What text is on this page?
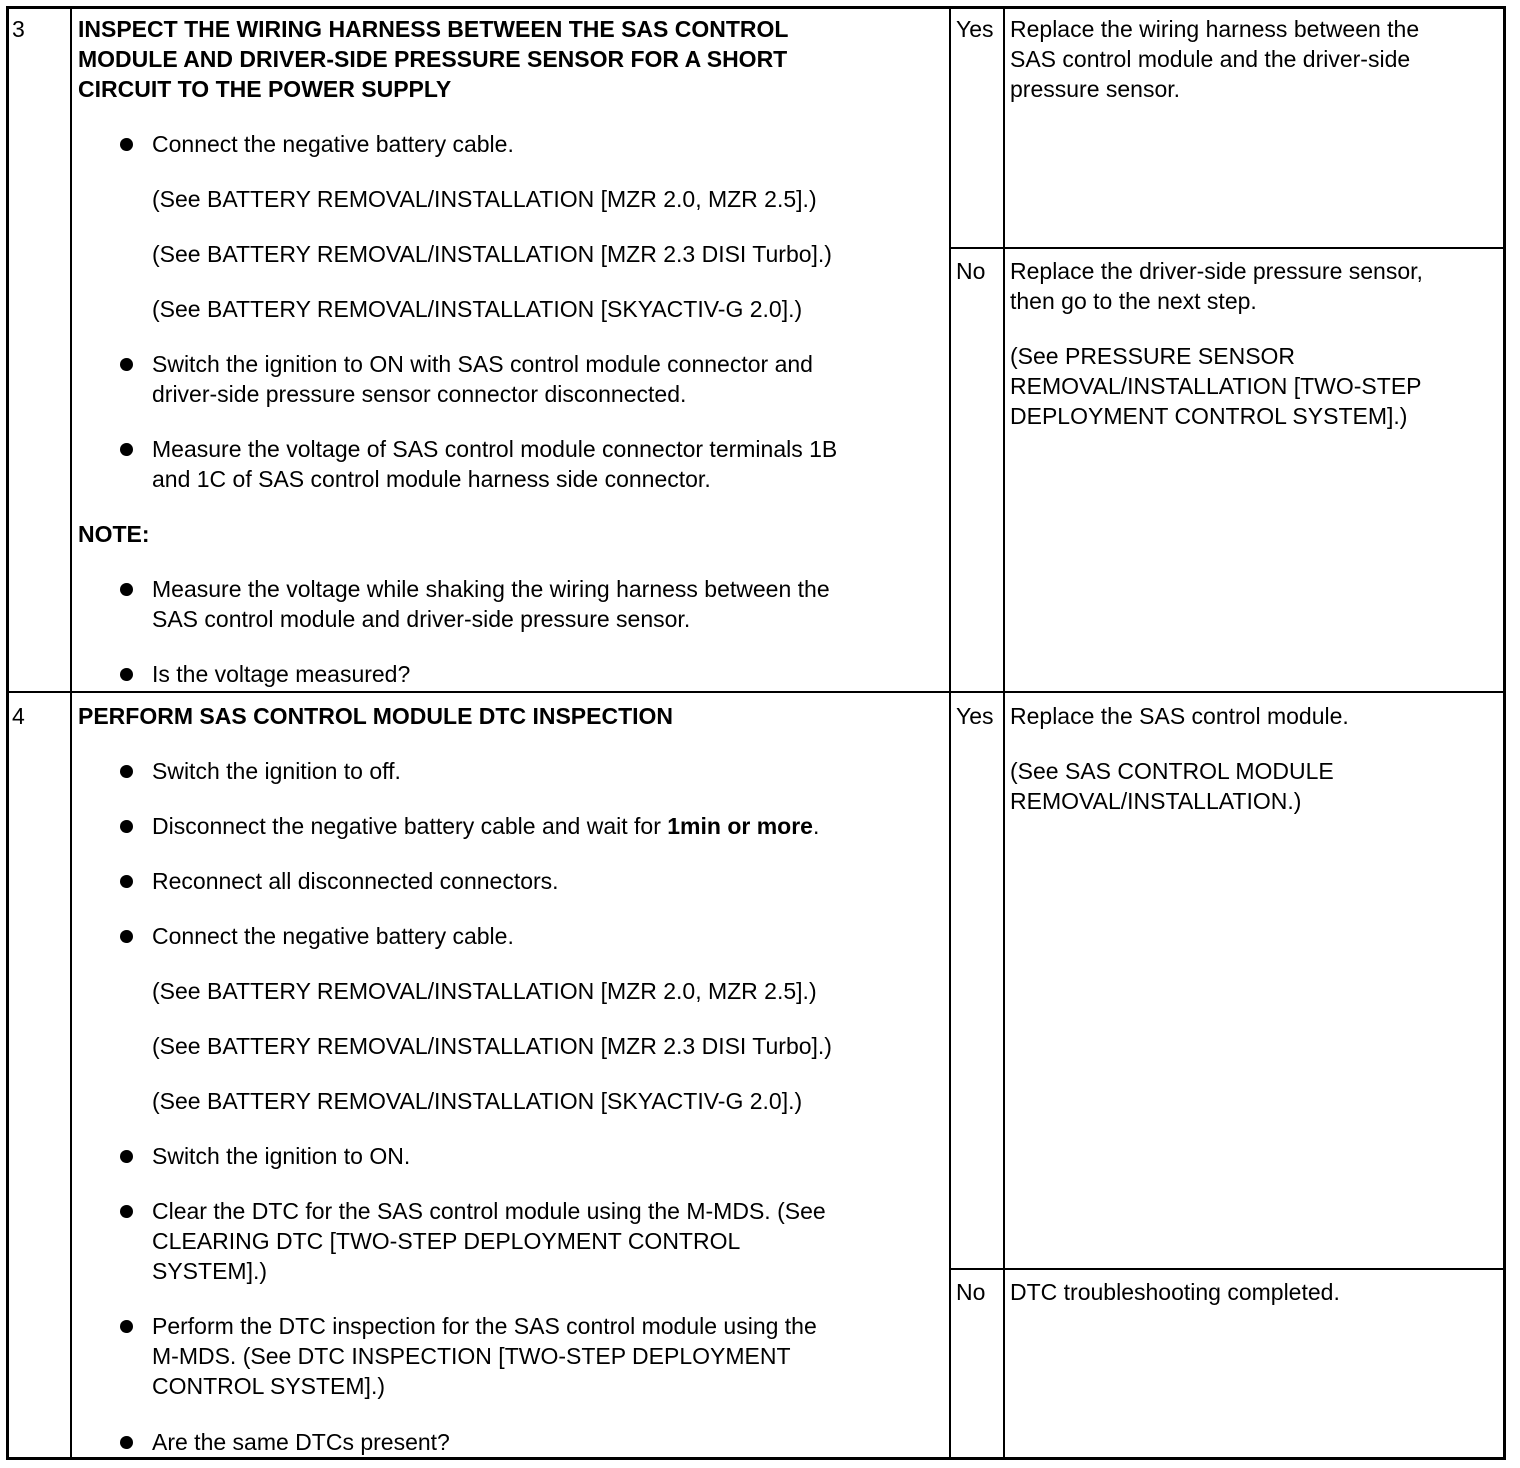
3 INSPECT THE WIRING HARNESS BETWEEN THE SAS CONTROL
MODULE AND DRIVER-SIDE PRESSURE SENSOR FOR A SHORT
CIRCUIT TO THE POWER SUPPLY
Connect the negative battery cable.
(See BATTERY REMOVAL/INSTALLATION [MZR 2.0, MZR 2.5].)
(See BATTERY REMOVAL/INSTALLATION [MZR 2.3 DISI Turbo].)
(See BATTERY REMOVAL/INSTALLATION [SKYACTIV-G 2.0].)
Switch the ignition to ON with SAS control module connector and
driver-side pressure sensor connector disconnected.
Measure the voltage of SAS control module connector terminals 1B
and 1C of SAS control module harness side connector.
NOTE:
Measure the voltage while shaking the wiring harness between the
SAS control module and driver-side pressure sensor.
Is the voltage measured?
Yes Replace the wiring harness between the
SAS control module and the driver-side
pressure sensor.
No Replace the driver-side pressure sensor,
then go to the next step.
(See PRESSURE SENSOR
REMOVAL/INSTALLATION [TWO-STEP
DEPLOYMENT CONTROL SYSTEM].)
4 PERFORM SAS CONTROL MODULE DTC INSPECTION
Switch the ignition to off.
Disconnect the negative battery cable and wait for 1min or more.
Reconnect all disconnected connectors.
Connect the negative battery cable.
(See BATTERY REMOVAL/INSTALLATION [MZR 2.0, MZR 2.5].)
(See BATTERY REMOVAL/INSTALLATION [MZR 2.3 DISI Turbo].)
(See BATTERY REMOVAL/INSTALLATION [SKYACTIV-G 2.0].)
Switch the ignition to ON.
Clear the DTC for the SAS control module using the M-MDS. (See
CLEARING DTC [TWO-STEP DEPLOYMENT CONTROL
SYSTEM].)
Perform the DTC inspection for the SAS control module using the
M-MDS. (See DTC INSPECTION [TWO-STEP DEPLOYMENT
CONTROL SYSTEM].)
Are the same DTCs present?
Yes Replace the SAS control module.
(See SAS CONTROL MODULE
REMOVAL/INSTALLATION.)
No DTC troubleshooting completed.
